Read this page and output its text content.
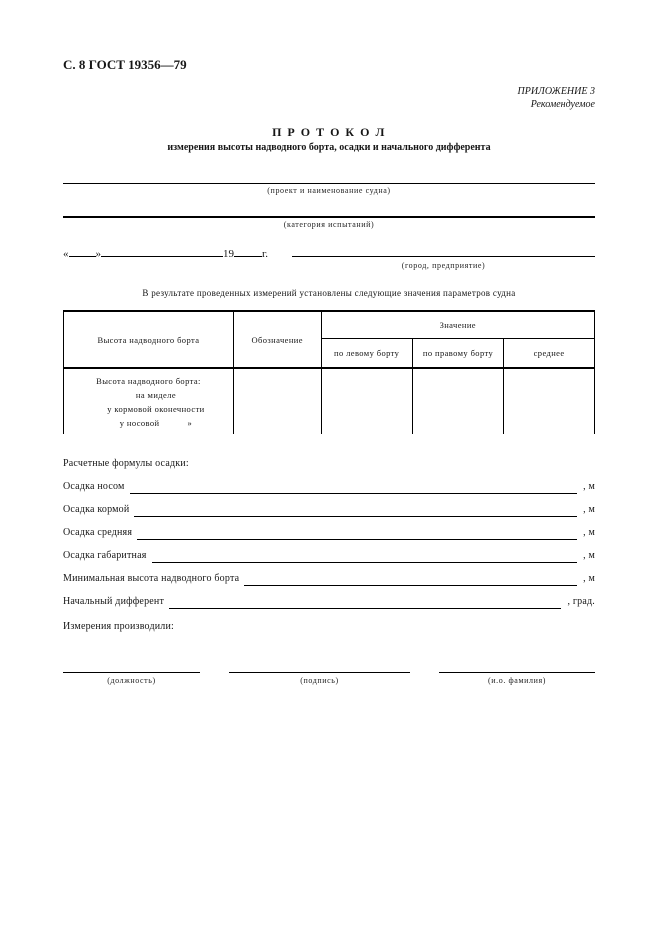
С. 8 ГОСТ 19356—79
ПРИЛОЖЕНИЕ 3
Рекомендуемое
П Р О Т О К О Л
измерения высоты надводного борта, осадки и начального дифферента
(проект и наименование судна)
(категория испытаний)
« »	19	г.
(город, предприятие)
В результате проведенных измерений установлены следующие значения параметров судна
Высота надводного борта	Обозначение	Значение		
		по левому борту	по правому борту	среднее

Высота надводного борта:
на миделе
у кормовой оконечности
у носовой »				

Расчетные формулы осадки:
Осадка носом	, м
Осадка кормой	, м
Осадка средняя	, м
Осадка габаритная	, м
Минимальная высота надводного борта	, м
Начальный дифферент	, град.
Измерения производили:
(должность)	(подпись)	(и.о. фамилия)
